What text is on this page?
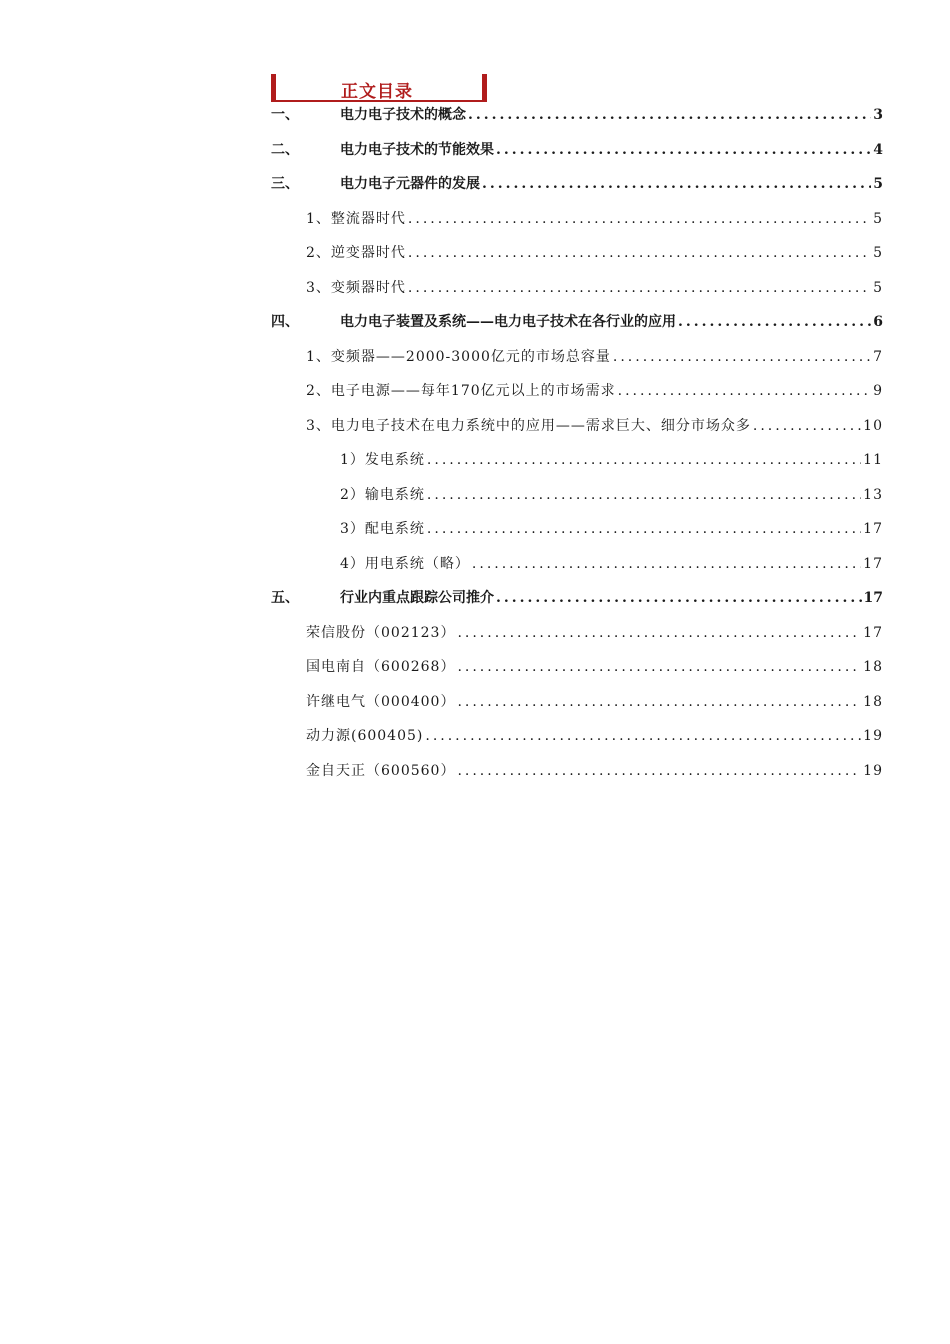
正文目录
一、	电力电子技术的概念 .....	3
二、	电力电子技术的节能效果 .....	4
三、	电力电子元器件的发展 .....	5
1、整流器时代 .....	5
2、逆变器时代 .....	5
3、变频器时代 .....	5
四、	电力电子装置及系统——电力电子技术在各行业的应用 .....	6
1、变频器——2000-3000亿元的市场总容量 .....	7
2、电子电源——每年170亿元以上的市场需求 .....	9
3、电力电子技术在电力系统中的应用——需求巨大、细分市场众多 .....	10
1）发电系统 .....	11
2）输电系统 .....	13
3）配电系统 .....	17
4）用电系统（略） .....	17
五、	行业内重点跟踪公司推介 .....	17
荣信股份（002123） .....	17
国电南自（600268） .....	18
许继电气（000400） .....	18
动力源(600405) .....	19
金自天正（600560） .....	19
